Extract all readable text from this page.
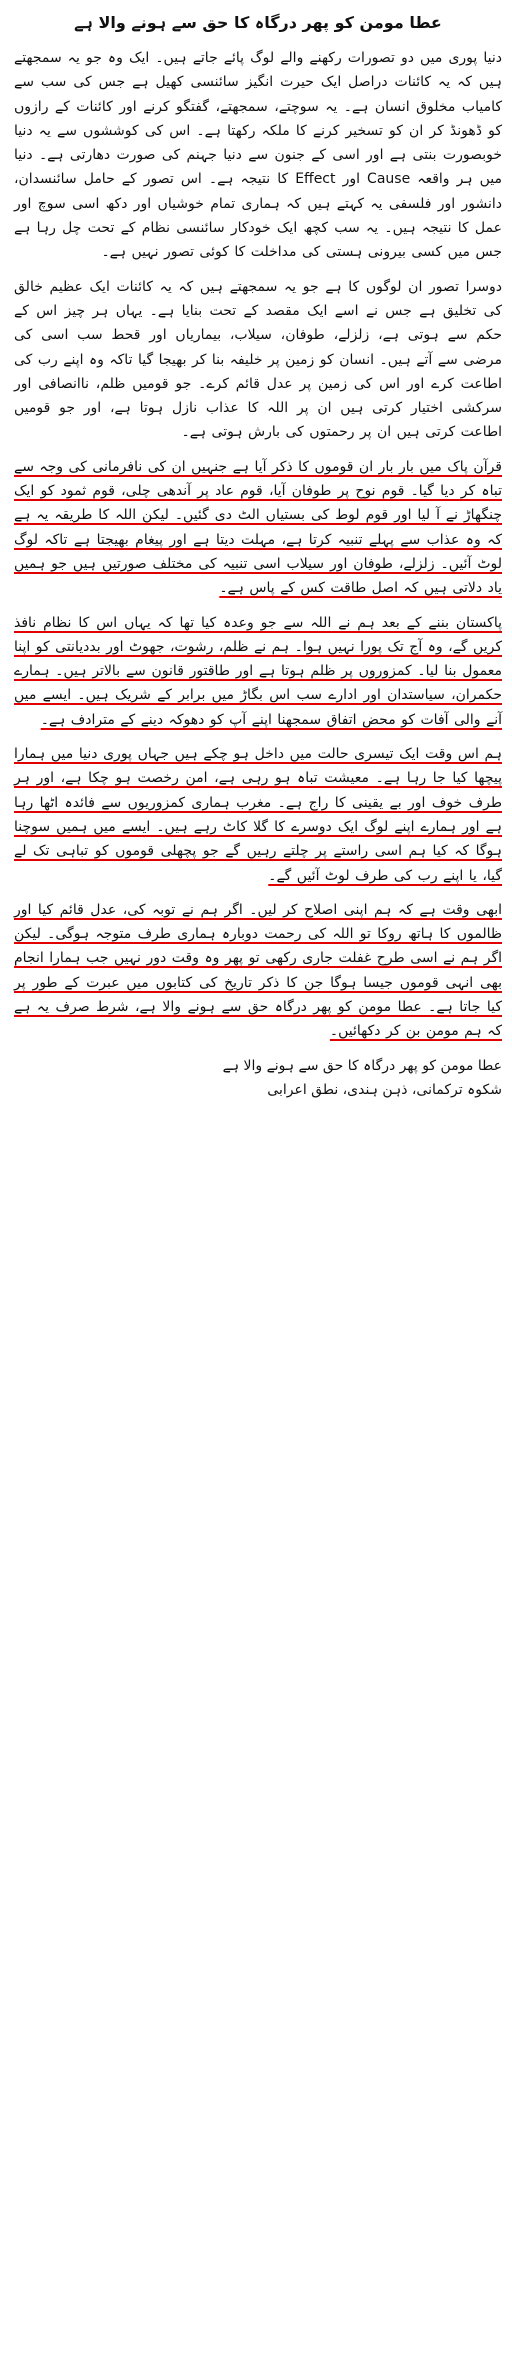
عطا مومن کو پھر درگاہ کا حق سے ہونے والا ہے

دنیا پوری میں دو تصورات رکھنے والے لوگ پائے جاتے ہیں۔ ایک وہ جو یہ سمجھتے ہیں کہ یہ کائنات دراصل ایک حیرت انگیز سائنسی کھیل ہے جس کی سب سے کامیاب مخلوق انسان ہے۔ یہ سوچتے، سمجھتے، گفتگو کرنے اور کائنات کے رازوں کو ڈھونڈ کر ان کو تسخیر کرنے کا ملکہ رکھتا ہے۔ اس کی کوششوں سے یہ دنیا خوبصورت بنتی ہے اور اسی کے جنون سے دنیا جہنم کی صورت دھارتی ہے۔ دنیا میں ہر واقعہ Cause اور Effect کا نتیجہ ہے۔ اس تصور کے حامل سائنسدان، دانشور اور فلسفی یہ کہتے ہیں کہ ہماری تمام خوشیاں اور دکھ اسی سوچ اور عمل کا نتیجہ ہیں۔ یہ سب کچھ ایک خودکار سائنسی نظام کے تحت چل رہا ہے جس میں کسی بیرونی ہستی کی مداخلت کا کوئی تصور نہیں ہے۔

دوسرا تصور ان لوگوں کا ہے جو یہ سمجھتے ہیں کہ یہ کائنات ایک عظیم خالق کی تخلیق ہے جس نے اسے ایک مقصد کے تحت بنایا ہے۔ یہاں ہر چیز اس کے حکم سے ہوتی ہے، زلزلے، طوفان، سیلاب، بیماریاں اور قحط سب اسی کی مرضی سے آتے ہیں۔ انسان کو زمین پر خلیفہ بنا کر بھیجا گیا تاکہ وہ اپنے رب کی اطاعت کرے اور اس کی زمین پر عدل قائم کرے۔ جو قومیں ظلم، ناانصافی اور سرکشی اختیار کرتی ہیں ان پر اللہ کا عذاب نازل ہوتا ہے، اور جو قومیں اطاعت کرتی ہیں ان پر رحمتوں کی بارش ہوتی ہے۔

قرآن پاک میں بار بار ان قوموں کا ذکر آیا ہے جنہیں ان کی نافرمانی کی وجہ سے تباہ کر دیا گیا۔ قوم نوح پر طوفان آیا، قوم عاد پر آندھی چلی، قوم ثمود کو ایک چنگھاڑ نے آ لیا اور قوم لوط کی بستیاں الٹ دی گئیں۔ لیکن اللہ کا طریقہ یہ ہے کہ وہ عذاب سے پہلے تنبیہ کرتا ہے، مہلت دیتا ہے اور پیغام بھیجتا ہے تاکہ لوگ لوٹ آئیں۔ زلزلے، طوفان اور سیلاب اسی تنبیہ کی مختلف صورتیں ہیں جو ہمیں یاد دلاتی ہیں کہ اصل طاقت کس کے پاس ہے۔

پاکستان بننے کے بعد ہم نے اللہ سے جو وعدہ کیا تھا کہ یہاں اس کا نظام نافذ کریں گے، وہ آج تک پورا نہیں ہوا۔ ہم نے ظلم، رشوت، جھوٹ اور بددیانتی کو اپنا معمول بنا لیا۔ کمزوروں پر ظلم ہوتا ہے اور طاقتور قانون سے بالاتر ہیں۔ ہمارے حکمران، سیاستدان اور ادارے سب اس بگاڑ میں برابر کے شریک ہیں۔ ایسے میں آنے والی آفات کو محض اتفاق سمجھنا اپنے آپ کو دھوکہ دینے کے مترادف ہے۔

ہم اس وقت ایک تیسری حالت میں داخل ہو چکے ہیں جہاں پوری دنیا میں ہمارا پیچھا کیا جا رہا ہے۔ معیشت تباہ ہو رہی ہے، امن رخصت ہو چکا ہے، اور ہر طرف خوف اور بے یقینی کا راج ہے۔ مغرب ہماری کمزوریوں سے فائدہ اٹھا رہا ہے اور ہمارے اپنے لوگ ایک دوسرے کا گلا کاٹ رہے ہیں۔ ایسے میں ہمیں سوچنا ہوگا کہ کیا ہم اسی راستے پر چلتے رہیں گے جو پچھلی قوموں کو تباہی تک لے گیا، یا اپنے رب کی طرف لوٹ آئیں گے۔

ابھی وقت ہے کہ ہم اپنی اصلاح کر لیں۔ اگر ہم نے توبہ کی، عدل قائم کیا اور ظالموں کا ہاتھ روکا تو اللہ کی رحمت دوبارہ ہماری طرف متوجہ ہوگی۔ لیکن اگر ہم نے اسی طرح غفلت جاری رکھی تو پھر وہ وقت دور نہیں جب ہمارا انجام بھی انہی قوموں جیسا ہوگا جن کا ذکر تاریخ کی کتابوں میں عبرت کے طور پر کیا جاتا ہے۔ عطا مومن کو پھر درگاہ حق سے ہونے والا ہے، شرط صرف یہ ہے کہ ہم مومن بن کر دکھائیں۔

عطا مومن کو پھر درگاہ کا حق سے ہونے والا ہے
شکوہ ترکمانی، ذہن ہندی، نطق اعرابی
